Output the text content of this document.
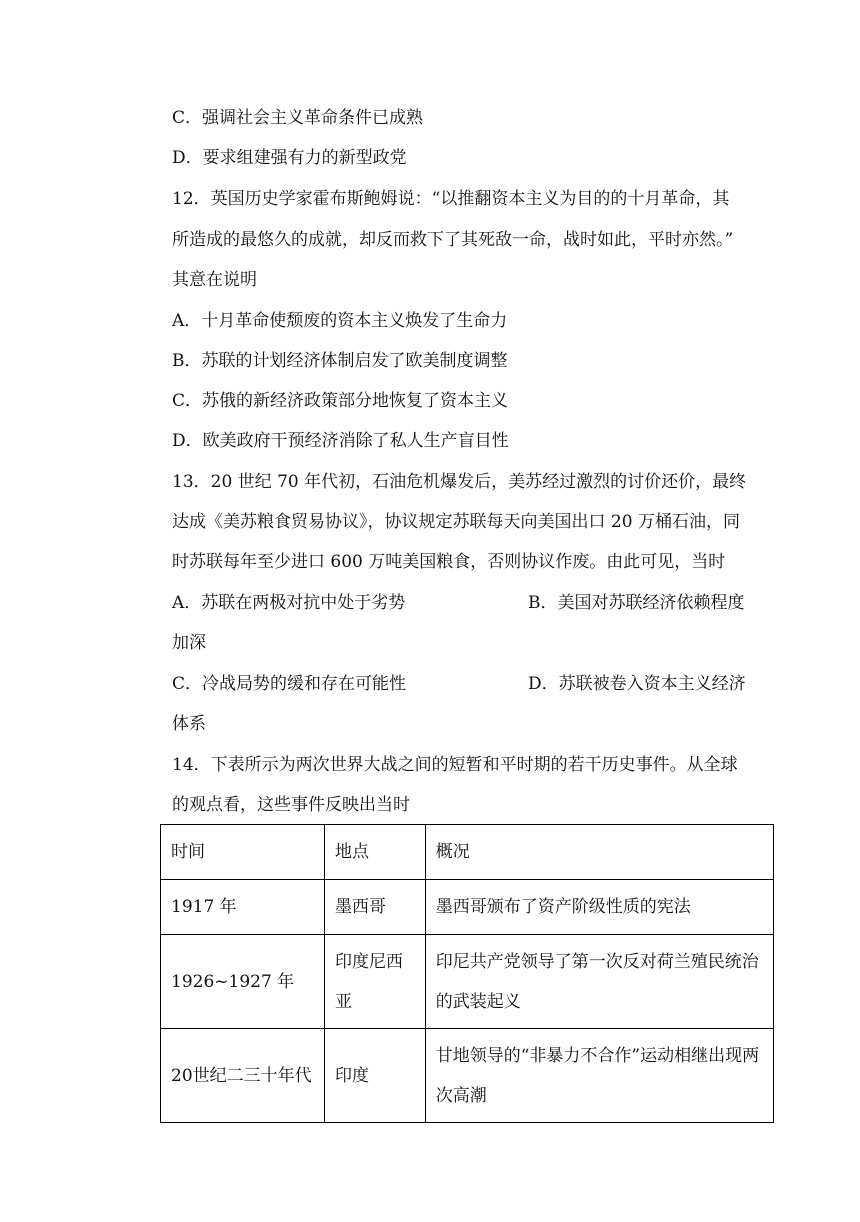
C．强调社会主义革命条件已成熟
D．要求组建强有力的新型政党
12．英国历史学家霍布斯鲍姆说：“以推翻资本主义为目的的十月革命，其
所造成的最悠久的成就，却反而救下了其死敌一命，战时如此，平时亦然。”
其意在说明
A．十月革命使颓废的资本主义焕发了生命力
B．苏联的计划经济体制启发了欧美制度调整
C．苏俄的新经济政策部分地恢复了资本主义
D．欧美政府干预经济消除了私人生产盲目性
13．20 世纪 70 年代初，石油危机爆发后，美苏经过激烈的讨价还价，最终
达成《美苏粮食贸易协议》，协议规定苏联每天向美国出口 20 万桶石油，同
时苏联每年至少进口 600 万吨美国粮食，否则协议作废。由此可见，当时
A．苏联在两极对抗中处于劣势	B．美国对苏联经济依赖程度
加深
C．冷战局势的缓和存在可能性	D．苏联被卷入资本主义经济
体系
14．下表所示为两次世界大战之间的短暂和平时期的若干历史事件。从全球
的观点看，这些事件反映出当时
时间	地点	概况
1917 年	墨西哥	墨西哥颁布了资产阶级性质的宪法
1926~1927 年	印度尼西亚	印尼共产党领导了第一次反对荷兰殖民统治的武装起义
20世纪二三十年代	印度	甘地领导的“非暴力不合作”运动相继出现两次高潮
